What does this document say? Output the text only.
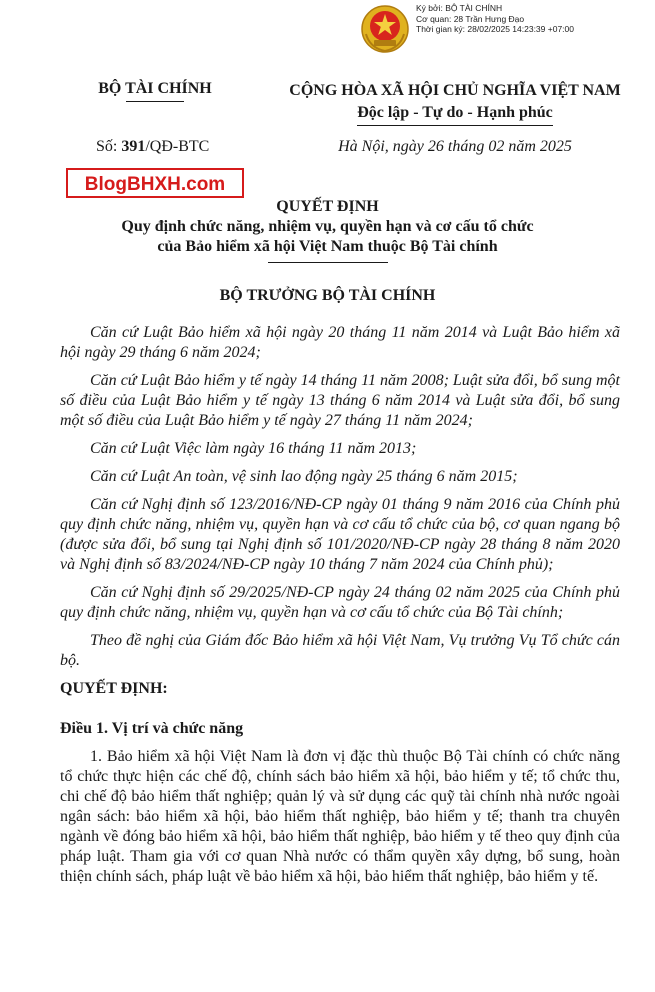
Ký bởi: BỘ TÀI CHÍNH
Cơ quan: 28 Trần Hưng Đạo
Thời gian ký: 28/02/2025 14:23:39 +07:00
BỘ TÀI CHÍNH	CỘNG HÒA XÃ HỘI CHỦ NGHĨA VIỆT NAM
Độc lập - Tự do - Hạnh phúc
Số: 391/QĐ-BTC	Hà Nội, ngày 26 tháng 02 năm 2025
BlogBHXH.com
QUYẾT ĐỊNH
Quy định chức năng, nhiệm vụ, quyền hạn và cơ cấu tổ chức
của Bảo hiểm xã hội Việt Nam thuộc Bộ Tài chính
BỘ TRƯỞNG BỘ TÀI CHÍNH

Căn cứ Luật Bảo hiểm xã hội ngày 20 tháng 11 năm 2014 và Luật Bảo hiểm xã hội ngày 29 tháng 6 năm 2024;

Căn cứ Luật Bảo hiểm y tế ngày 14 tháng 11 năm 2008; Luật sửa đổi, bổ sung một số điều của Luật Bảo hiểm y tế ngày 13 tháng 6 năm 2014 và Luật sửa đổi, bổ sung một số điều của Luật Bảo hiểm y tế ngày 27 tháng 11 năm 2024;

Căn cứ Luật Việc làm ngày 16 tháng 11 năm 2013;

Căn cứ Luật An toàn, vệ sinh lao động ngày 25 tháng 6 năm 2015;

Căn cứ Nghị định số 123/2016/NĐ-CP ngày 01 tháng 9 năm 2016 của Chính phủ quy định chức năng, nhiệm vụ, quyền hạn và cơ cấu tổ chức của bộ, cơ quan ngang bộ (được sửa đổi, bổ sung tại Nghị định số 101/2020/NĐ-CP ngày 28 tháng 8 năm 2020 và Nghị định số 83/2024/NĐ-CP ngày 10 tháng 7 năm 2024 của Chính phủ);

Căn cứ Nghị định số 29/2025/NĐ-CP ngày 24 tháng 02 năm 2025 của Chính phủ quy định chức năng, nhiệm vụ, quyền hạn và cơ cấu tổ chức của Bộ Tài chính;

Theo đề nghị của Giám đốc Bảo hiểm xã hội Việt Nam, Vụ trưởng Vụ Tổ chức cán bộ.

QUYẾT ĐỊNH:

Điều 1. Vị trí và chức năng

1. Bảo hiểm xã hội Việt Nam là đơn vị đặc thù thuộc Bộ Tài chính có chức năng tổ chức thực hiện các chế độ, chính sách bảo hiểm xã hội, bảo hiểm y tế; tổ chức thu, chi chế độ bảo hiểm thất nghiệp; quản lý và sử dụng các quỹ tài chính nhà nước ngoài ngân sách: bảo hiểm xã hội, bảo hiểm thất nghiệp, bảo hiểm y tế; thanh tra chuyên ngành về đóng bảo hiểm xã hội, bảo hiểm thất nghiệp, bảo hiểm y tế theo quy định của pháp luật. Tham gia với cơ quan Nhà nước có thẩm quyền xây dựng, bổ sung, hoàn thiện chính sách, pháp luật về bảo hiểm xã hội, bảo hiểm thất nghiệp, bảo hiểm y tế.
